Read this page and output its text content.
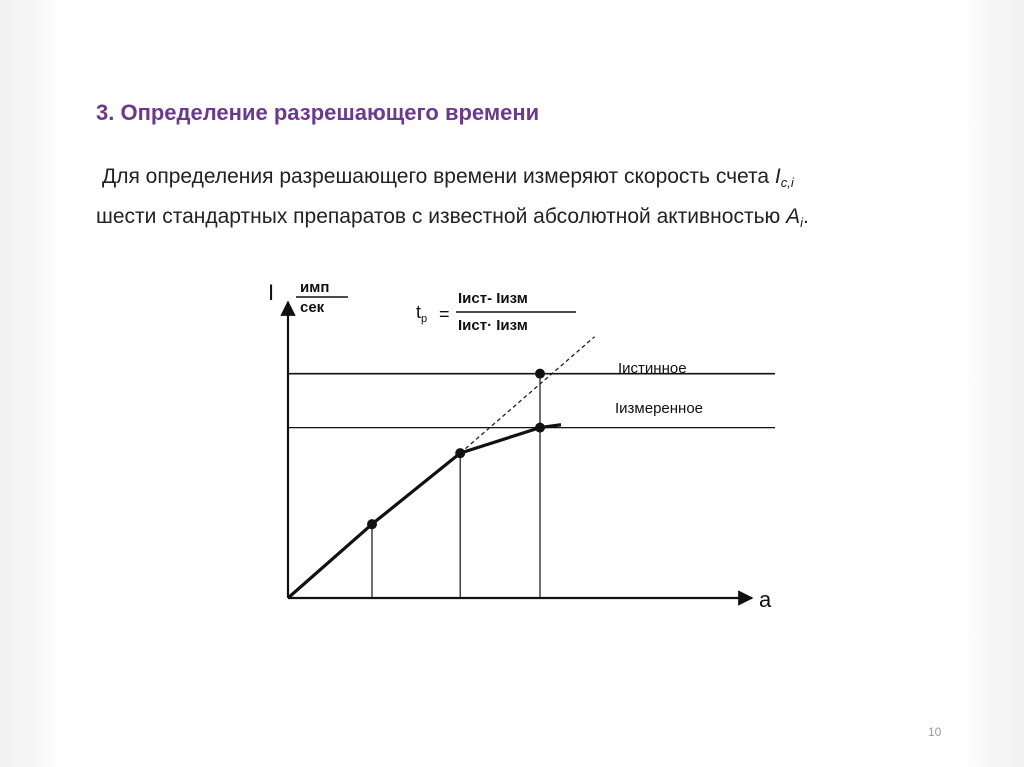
3. Определение разрешающего времени
Для определения разрешающего времени измеряют скорость счета $I_{c,i}$
шести стандартных препаратов с известной абсолютной активностью $A_i$.
I имп
сек
a
$t_р$ =
Iист- Iизм
Iист· Iизм
Iистинное
Iизмеренное
10
